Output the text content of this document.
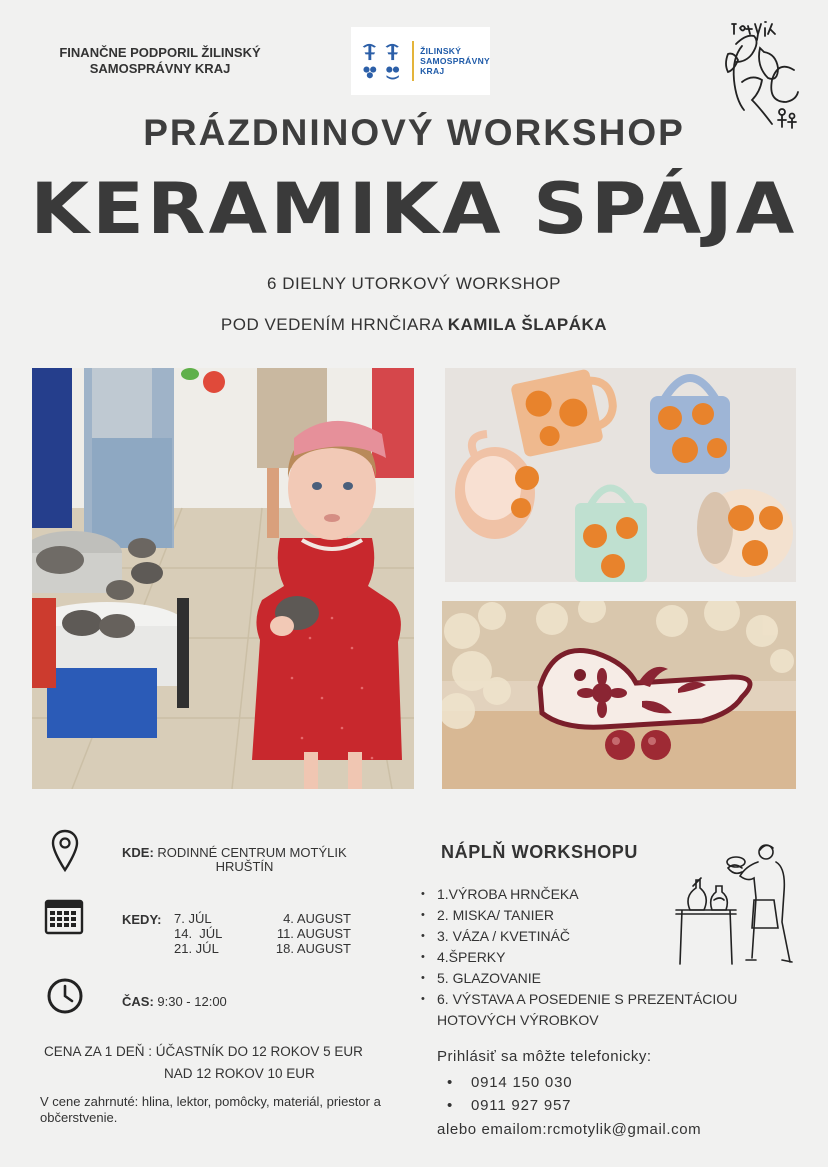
FINANČNE PODPORIL ŽILINSKÝ
SAMOSPRÁVNY KRAJ
ŽILINSKÝ
SAMOSPRÁVNY
KRAJ
PRÁZDNINOVÝ WORKSHOP
KERAMIKA SPÁJA
6 DIELNY UTORKOVÝ WORKSHOP
POD VEDENÍM HRNČIARA KAMILA ŠLAPÁKA
KDE: RODINNÉ CENTRUM MOTÝLIK
HRUŠTÍN
KEDY: 7. JÚL
14.  JÚL
21. JÚL
4. AUGUST
11. AUGUST
18. AUGUST
ČAS: 9:30 - 12:00
CENA ZA 1 DEŇ : ÚČASTNÍK DO 12 ROKOV 5 EUR
NAD 12 ROKOV 10 EUR
V cene zahrnuté: hlina, lektor, pomôcky, materiál, priestor a občerstvenie.
NÁPLŇ WORKSHOPU
• 1.VÝROBA HRNČEKA
• 2. MISKA/ TANIER
• 3. VÁZA / KVETINÁČ
• 4.ŠPERKY
• 5. GLAZOVANIE
• 6. VÝSTAVA A POSEDENIE S PREZENTÁCIOU HOTOVÝCH VÝROBKOV
Prihlásiť sa môžte telefonicky:
• 0914 150 030
• 0911 927 957
alebo emailom:rcmotylik@gmail.com
